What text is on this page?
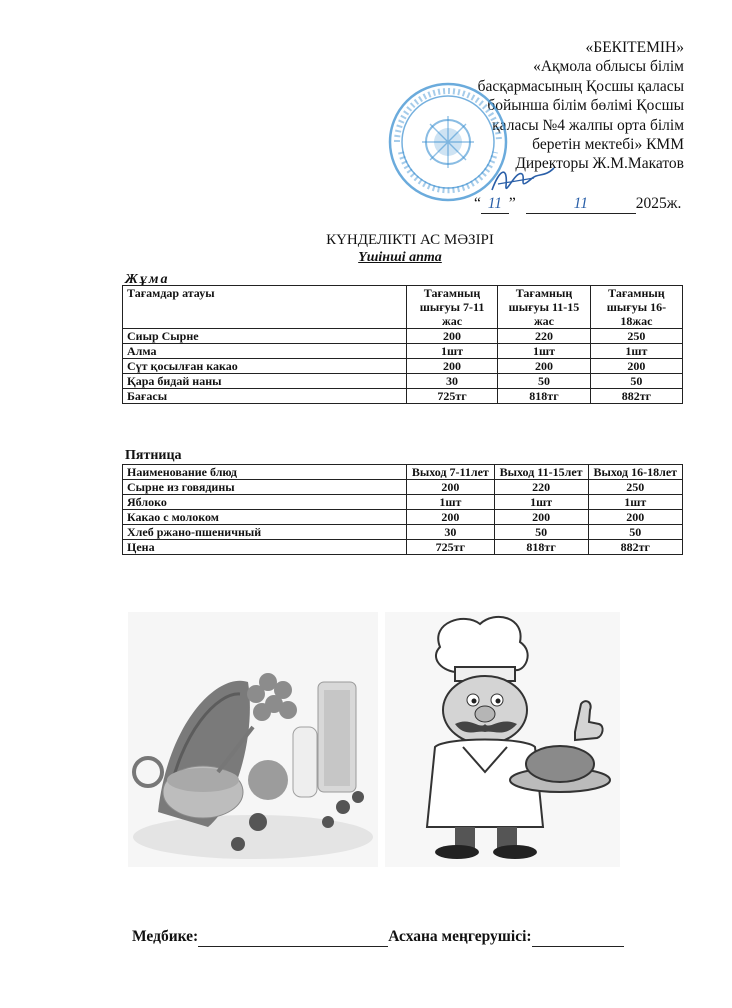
«БЕКІТЕМІН»
«Ақмола облысы білім
басқармасының Қосшы қаласы
бойынша білім бөлімі Қосшы
қаласы №4 жалпы орта білім
беретін мектебі» КММ
Директоры Ж.М.Макатов
“ 11 ”	11	2025ж.
КҮНДЕЛІКТІ АС МӘЗІРІ
Үшінші апта
Жұма
Тағамдар атауы	Тағамның шығуы 7-11 жас	Тағамның шығуы 11-15 жас	Тағамның шығуы 16-18жас
Сиыр Сырне	200	220	250
Алма	1шт	1шт	1шт
Сүт қосылған какао	200	200	200
Қара бидай наны	30	50	50
Бағасы	725тг	818тг	882тг
Пятница
Наименование блюд	Выход 7-11лет	Выход 11-15лет	Выход 16-18лет
Сырне из говядины	200	220	250
Яблоко	1шт	1шт	1шт
Какао с молоком	200	200	200
Хлеб ржано-пшеничный	30	50	50
Цена	725тг	818тг	882тг
Медбике:	Асхана меңгерушісі:
